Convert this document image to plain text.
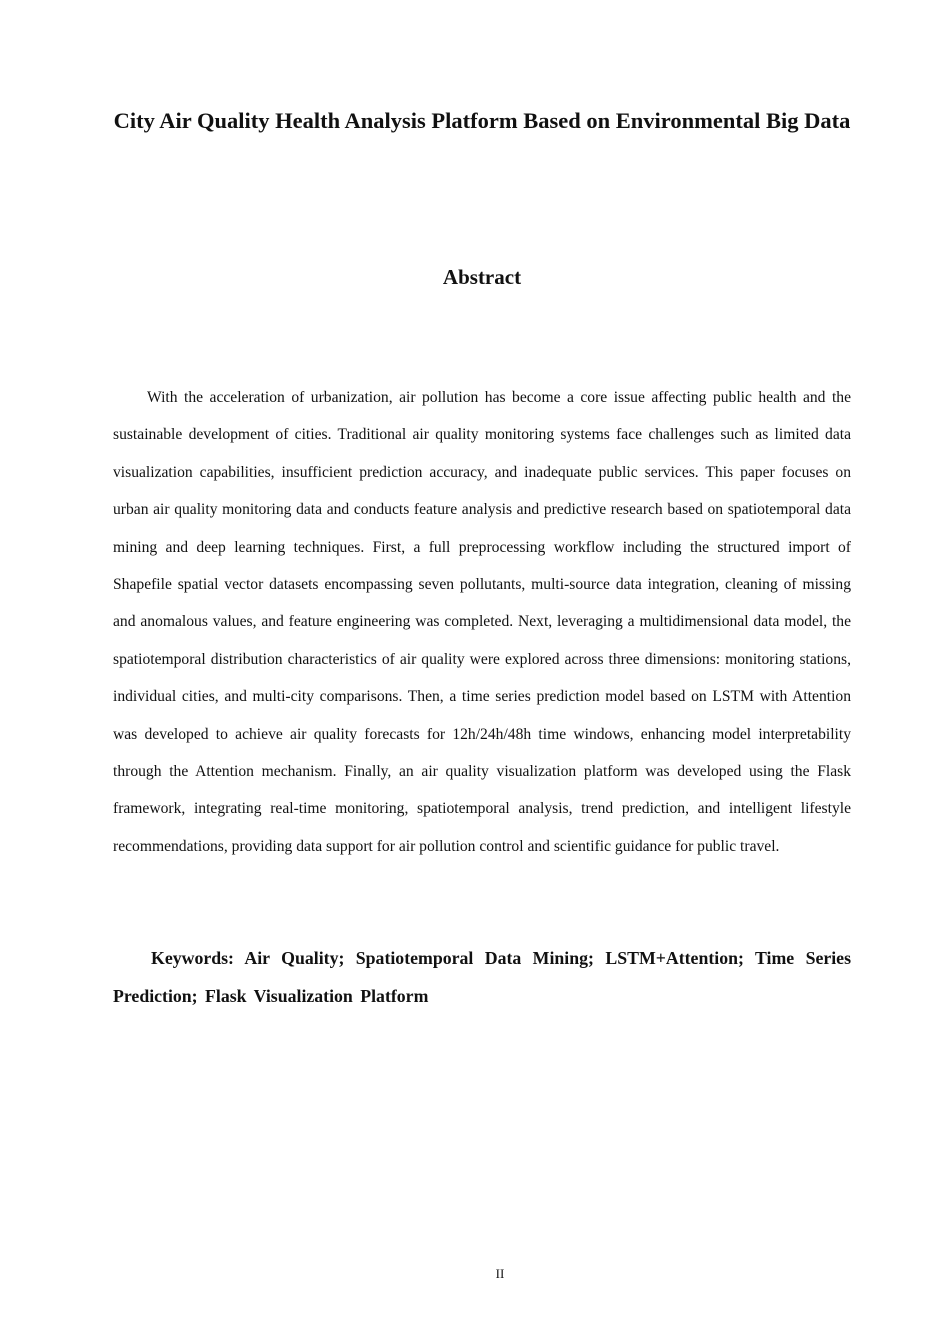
City Air Quality Health Analysis Platform Based on Environmental Big Data
Abstract

With the acceleration of urbanization, air pollution has become a core issue affecting public health and the sustainable development of cities. Traditional air quality monitoring systems face challenges such as limited data visualization capabilities, insufficient prediction accuracy, and inadequate public services. This paper focuses on urban air quality monitoring data and conducts feature analysis and predictive research based on spatiotemporal data mining and deep learning techniques. First, a full preprocessing workflow including the structured import of Shapefile spatial vector datasets encompassing seven pollutants, multi-source data integration, cleaning of missing and anomalous values, and feature engineering was completed. Next, leveraging a multidimensional data model, the spatiotemporal distribution characteristics of air quality were explored across three dimensions: monitoring stations, individual cities, and multi-city comparisons. Then, a time series prediction model based on LSTM with Attention was developed to achieve air quality forecasts for 12h/24h/48h time windows, enhancing model interpretability through the Attention mechanism. Finally, an air quality visualization platform was developed using the Flask framework, integrating real-time monitoring, spatiotemporal analysis, trend prediction, and intelligent lifestyle recommendations, providing data support for air pollution control and scientific guidance for public travel.

Keywords: Air Quality; Spatiotemporal Data Mining; LSTM+Attention; Time Series Prediction; Flask Visualization Platform

II
